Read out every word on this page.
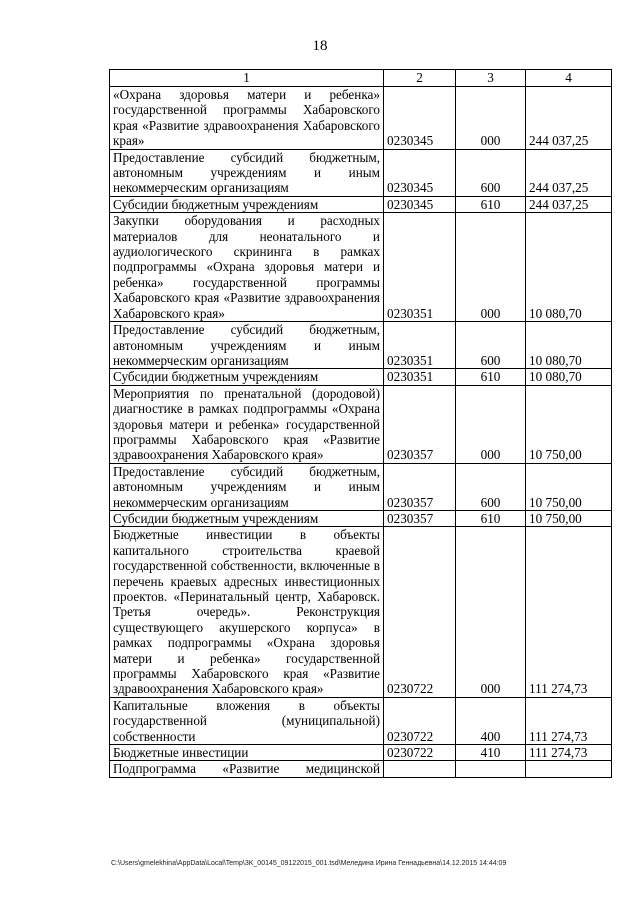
18
1	2	3	4
«Охрана здоровья матери и ребенка» государственной программы Хабаровского края «Развитие здравоохранения Хабаровского края»	0230345	000	244 037,25
Предоставление субсидий бюджетным, автономным учреждениям и иным некоммерческим организациям	0230345	600	244 037,25
Субсидии бюджетным учреждениям	0230345	610	244 037,25
Закупки оборудования и расходных материалов для неонатального и аудиологического скрининга в рамках подпрограммы «Охрана здоровья матери и ребенка» государственной программы Хабаровского края «Развитие здравоохранения Хабаровского края»	0230351	000	10 080,70
Предоставление субсидий бюджетным, автономным учреждениям и иным некоммерческим организациям	0230351	600	10 080,70
Субсидии бюджетным учреждениям	0230351	610	10 080,70
Мероприятия по пренатальной (дородовой) диагностике в рамках подпрограммы «Охрана здоровья матери и ребенка» государственной программы Хабаровского края «Развитие здравоохранения Хабаровского края»	0230357	000	10 750,00
Предоставление субсидий бюджетным, автономным учреждениям и иным некоммерческим организациям	0230357	600	10 750,00
Субсидии бюджетным учреждениям	0230357	610	10 750,00
Бюджетные инвестиции в объекты капитального строительства краевой государственной собственности, включенные в перечень краевых адресных инвестиционных проектов. «Перинатальный центр, Хабаровск. Третья очередь». Реконструкция существующего акушерского корпуса» в рамках подпрограммы «Охрана здоровья матери и ребенка» государственной программы Хабаровского края «Развитие здравоохранения Хабаровского края»	0230722	000	111 274,73
Капитальные вложения в объекты государственной (муниципальной) собственности	0230722	400	111 274,73
Бюджетные инвестиции	0230722	410	111 274,73
Подпрограмма «Развитие медицинской			
C:\Users\gmelekhina\AppData\Local\Temp\3K_00145_09122015_001.tsd\Меледина Ирина Геннадьевна\14.12.2015 14:44:09
